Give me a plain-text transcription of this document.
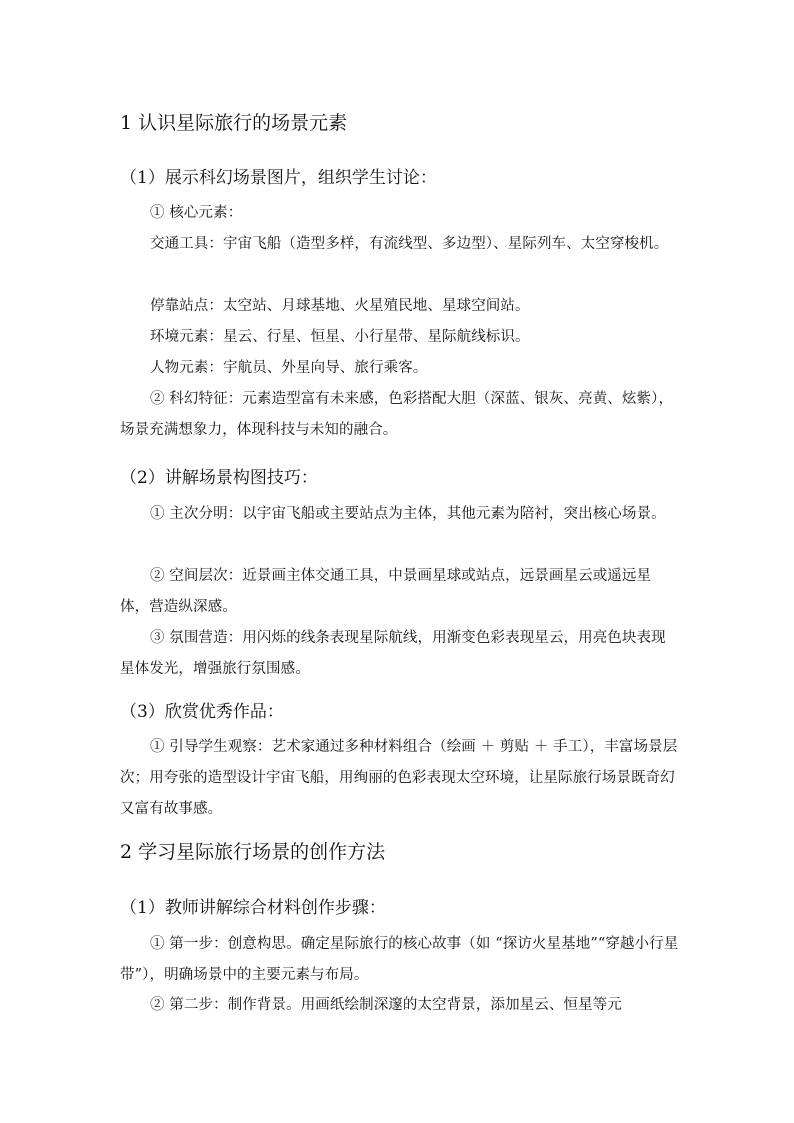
1 认识星际旅行的场景元素
（1）展示科幻场景图片，组织学生讨论：

① 核心元素：

交通工具：宇宙飞船（造型多样，有流线型、多边型）、星际列车、太空穿梭机。

停靠站点：太空站、月球基地、火星殖民地、星球空间站。

环境元素：星云、行星、恒星、小行星带、星际航线标识。

人物元素：宇航员、外星向导、旅行乘客。

② 科幻特征：元素造型富有未来感，色彩搭配大胆（深蓝、银灰、亮黄、炫紫），场景充满想象力，体现科技与未知的融合。

（2）讲解场景构图技巧：

① 主次分明：以宇宙飞船或主要站点为主体，其他元素为陪衬，突出核心场景。

② 空间层次：近景画主体交通工具，中景画星球或站点，远景画星云或遥远星体，营造纵深感。

③ 氛围营造：用闪烁的线条表现星际航线，用渐变色彩表现星云，用亮色块表现星体发光，增强旅行氛围感。

（3）欣赏优秀作品：

① 引导学生观察：艺术家通过多种材料组合（绘画 ＋ 剪贴 ＋ 手工），丰富场景层次；用夸张的造型设计宇宙飞船，用绚丽的色彩表现太空环境，让星际旅行场景既奇幻又富有故事感。

2 学习星际旅行场景的创作方法
（1）教师讲解综合材料创作步骤：

① 第一步：创意构思。确定星际旅行的核心故事（如 “探访火星基地”“穿越小行星带”），明确场景中的主要元素与布局。

② 第二步：制作背景。用画纸绘制深邃的太空背景，添加星云、恒星等元
